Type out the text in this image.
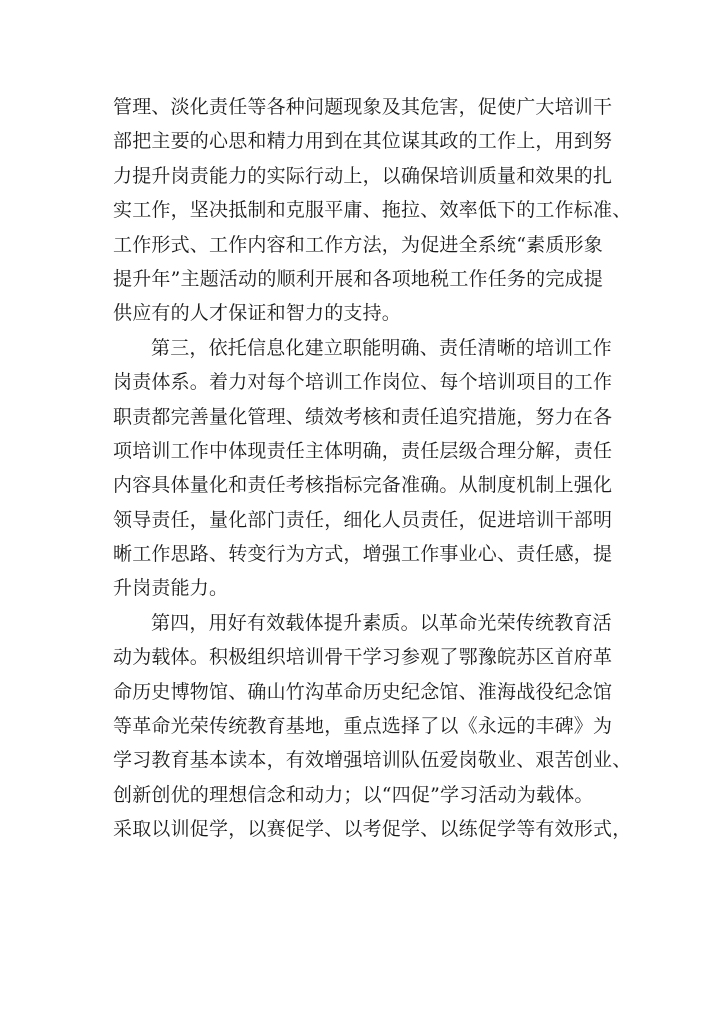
管理、淡化责任等各种问题现象及其危害，促使广大培训干
部把主要的心思和精力用到在其位谋其政的工作上，用到努
力提升岗责能力的实际行动上，以确保培训质量和效果的扎
实工作，坚决抵制和克服平庸、拖拉、效率低下的工作标准、
工作形式、工作内容和工作方法，为促进全系统“素质形象
提升年”主题活动的顺利开展和各项地税工作任务的完成提
供应有的人才保证和智力的支持。
第三，依托信息化建立职能明确、责任清晰的培训工作
岗责体系。着力对每个培训工作岗位、每个培训项目的工作
职责都完善量化管理、绩效考核和责任追究措施，努力在各
项培训工作中体现责任主体明确，责任层级合理分解，责任
内容具体量化和责任考核指标完备准确。从制度机制上强化
领导责任，量化部门责任，细化人员责任，促进培训干部明
晰工作思路、转变行为方式，增强工作事业心、责任感，提
升岗责能力。
第四，用好有效载体提升素质。以革命光荣传统教育活
动为载体。积极组织培训骨干学习参观了鄂豫皖苏区首府革
命历史博物馆、确山竹沟革命历史纪念馆、淮海战役纪念馆
等革命光荣传统教育基地，重点选择了以《永远的丰碑》为
学习教育基本读本，有效增强培训队伍爱岗敬业、艰苦创业、
创新创优的理想信念和动力；以“四促”学习活动为载体。
采取以训促学，以赛促学、以考促学、以练促学等有效形式，
